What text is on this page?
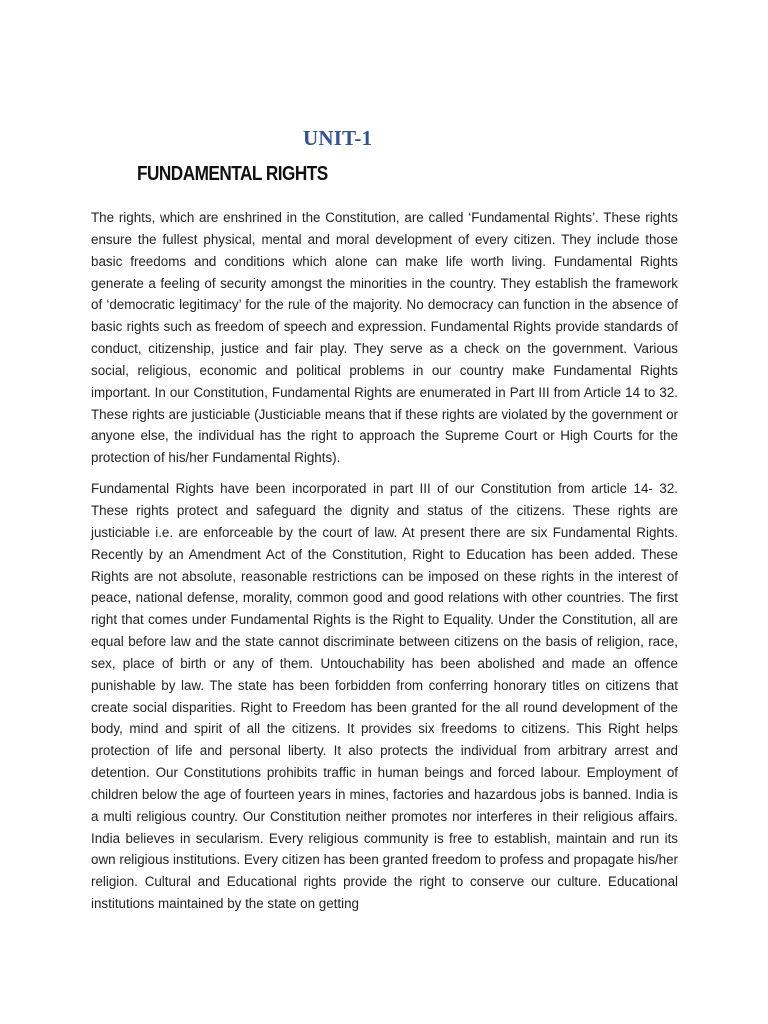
UNIT-1
FUNDAMENTAL RIGHTS

The rights, which are enshrined in the Constitution, are called ‘Fundamental Rights’. These rights ensure the fullest physical, mental and moral development of every citizen. They include those basic freedoms and conditions which alone can make life worth living. Fundamental Rights generate a feeling of security amongst the minorities in the country. They establish the framework of ‘democratic legitimacy’ for the rule of the majority. No democracy can function in the absence of basic rights such as freedom of speech and expression. Fundamental Rights provide standards of conduct, citizenship, justice and fair play. They serve as a check on the government. Various social, religious, economic and political problems in our country make Fundamental Rights important. In our Constitution, Fundamental Rights are enumerated in Part III from Article 14 to 32. These rights are justiciable (Justiciable means that if these rights are violated by the government or anyone else, the individual has the right to approach the Supreme Court or High Courts for the protection of his/her Fundamental Rights).

Fundamental Rights have been incorporated in part III of our Constitution from article 14- 32. These rights protect and safeguard the dignity and status of the citizens. These rights are justiciable i.e. are enforceable by the court of law. At present there are six Fundamental Rights. Recently by an Amendment Act of the Constitution, Right to Education has been added. These Rights are not absolute, reasonable restrictions can be imposed on these rights in the interest of peace, national defense, morality, common good and good relations with other countries. The first right that comes under Fundamental Rights is the Right to Equality. Under the Constitution, all are equal before law and the state cannot discriminate between citizens on the basis of religion, race, sex, place of birth or any of them. Untouchability has been abolished and made an offence punishable by law. The state has been forbidden from conferring honorary titles on citizens that create social disparities. Right to Freedom has been granted for the all round development of the body, mind and spirit of all the citizens. It provides six freedoms to citizens. This Right helps protection of life and personal liberty. It also protects the individual from arbitrary arrest and detention. Our Constitutions prohibits traffic in human beings and forced labour. Employment of children below the age of fourteen years in mines, factories and hazardous jobs is banned. India is a multi religious country. Our Constitution neither promotes nor interferes in their religious affairs. India believes in secularism. Every religious community is free to establish, maintain and run its own religious institutions. Every citizen has been granted freedom to profess and propagate his/her religion. Cultural and Educational rights provide the right to conserve our culture. Educational institutions maintained by the state on getting
